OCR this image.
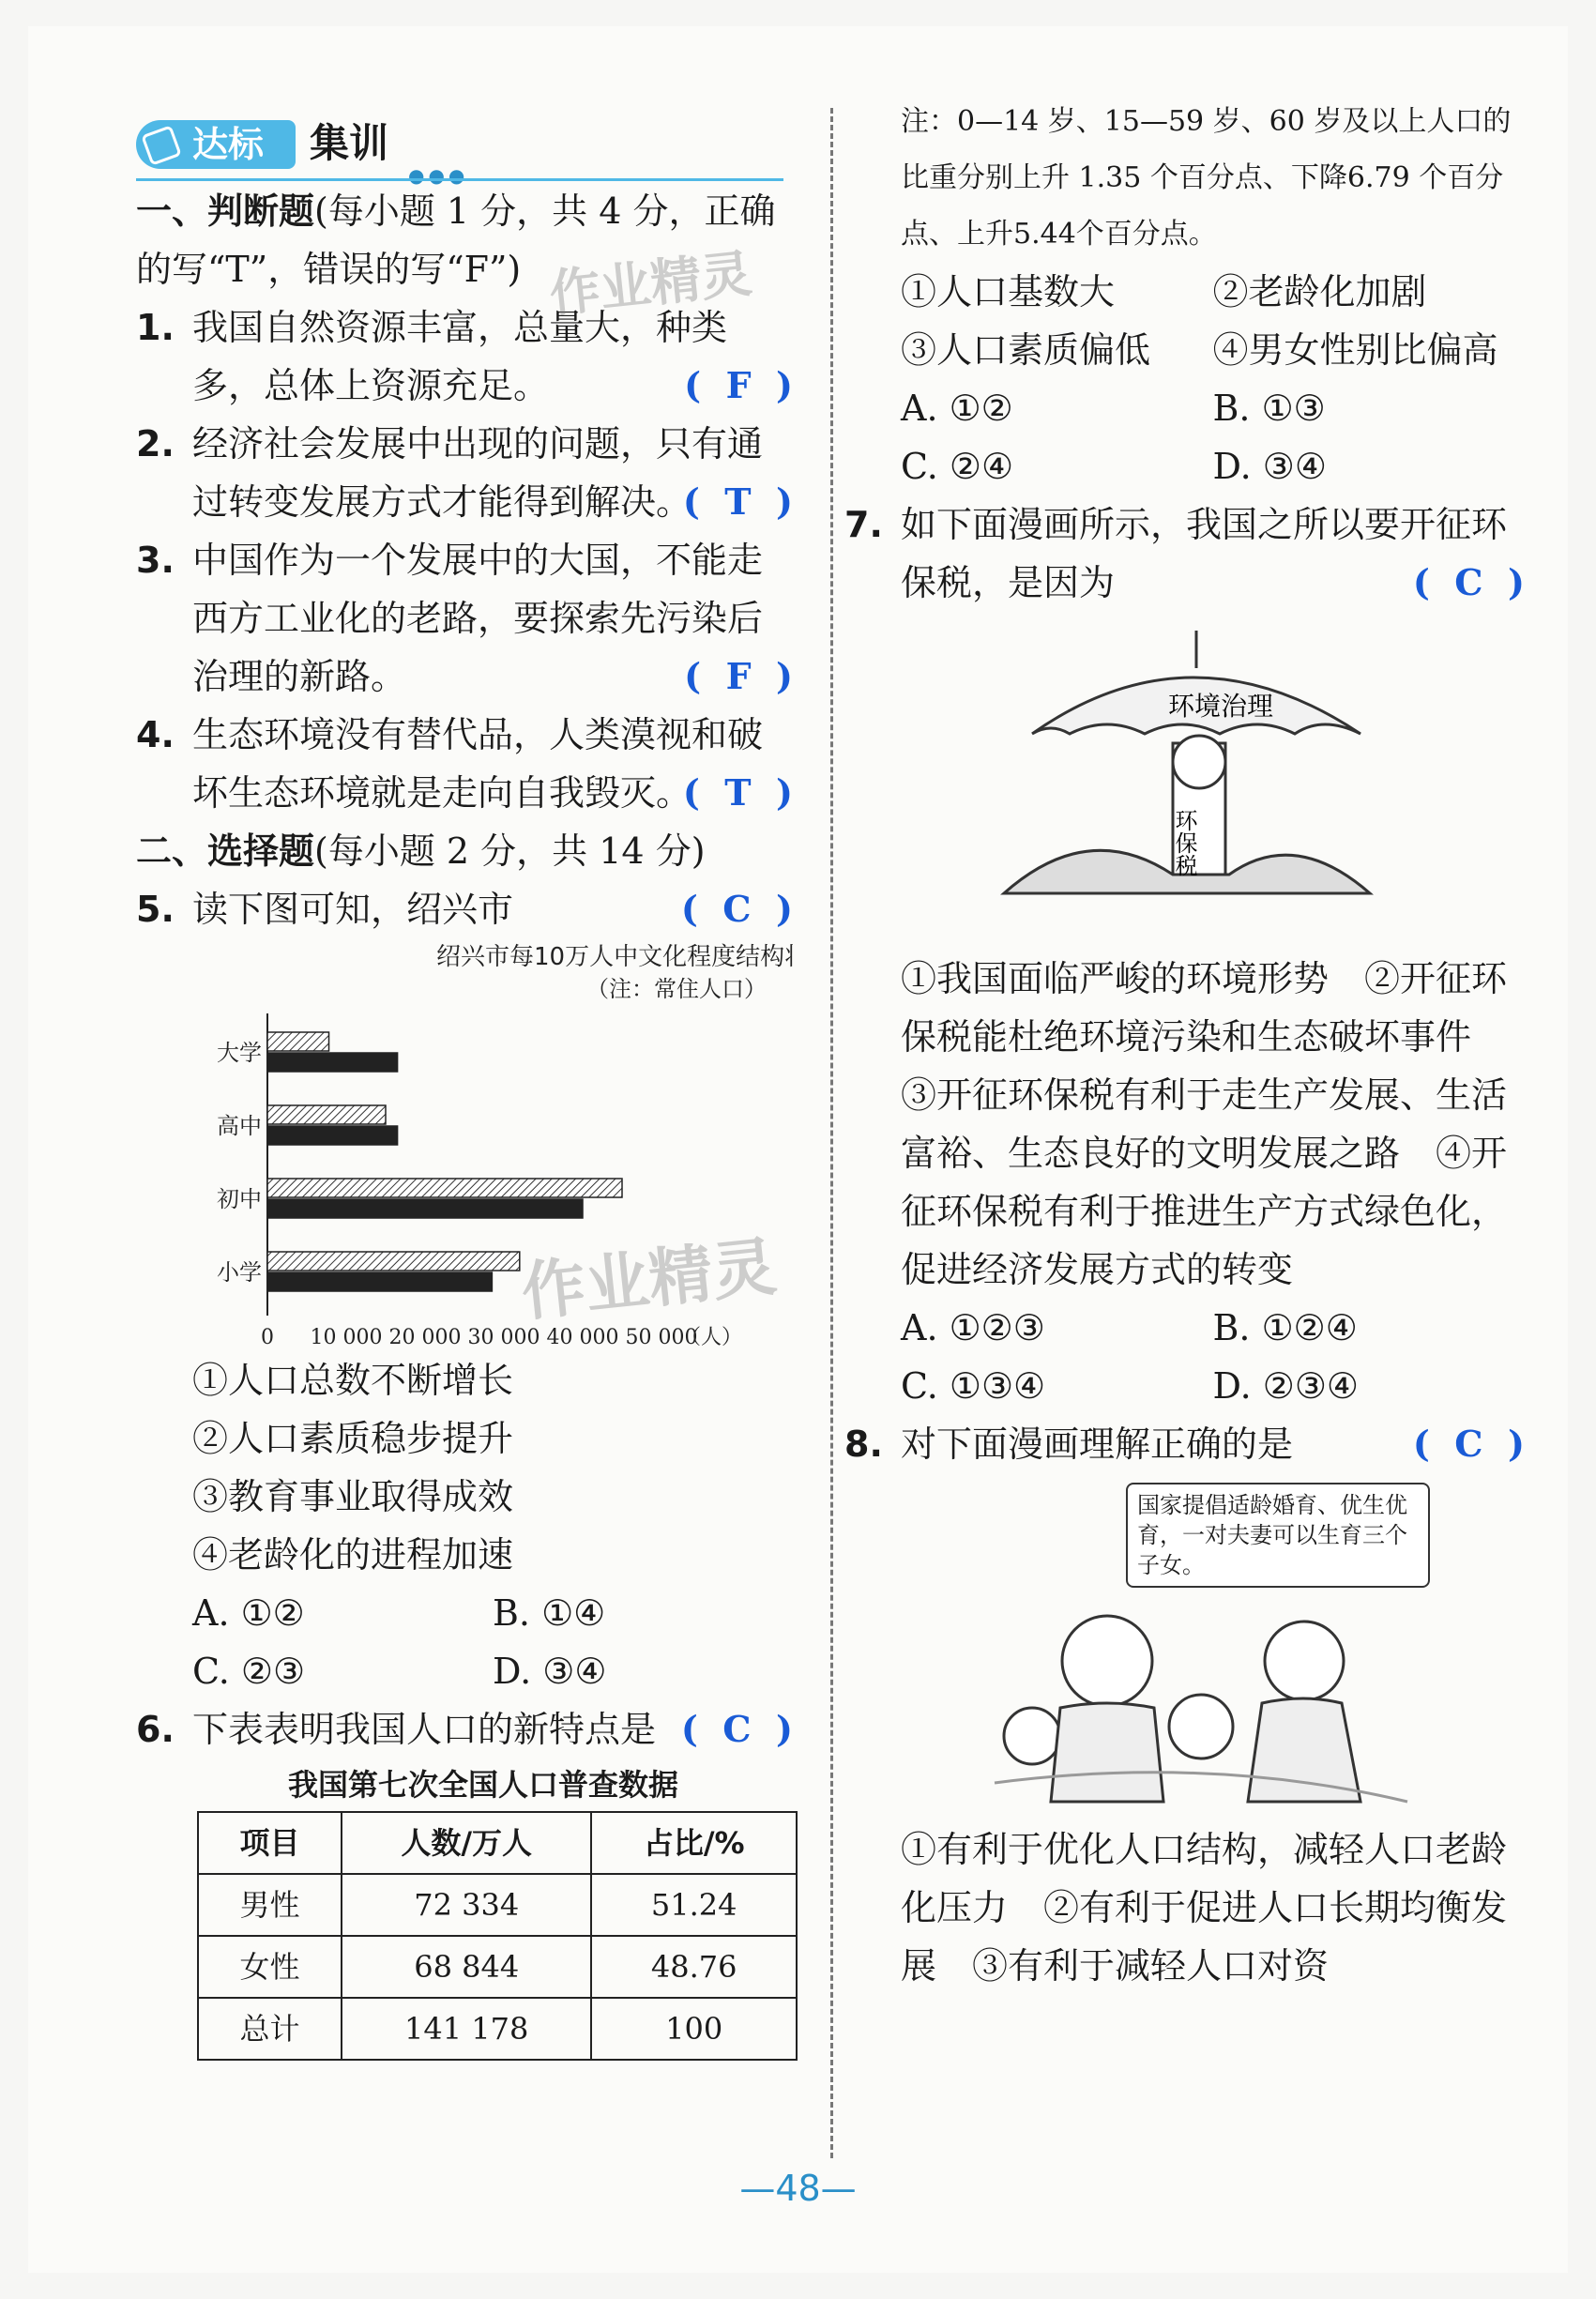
达标 集训
●●●
一、判断题(每小题 1 分，共 4 分，正确的写“T”，错误的写“F”)
1. 我国自然资源丰富，总量大，种类多，总体上资源充足。	(  F  )
2. 经济社会发展中出现的问题，只有通过转变发展方式才能得到解决。
(  T  )
3. 中国作为一个发展中的大国，不能走西方工业化的老路，要探索先污染后治理的新路。	(  F  )
4. 生态环境没有替代品，人类漠视和破坏生态环境就是走向自我毁灭。
(  T  )
二、选择题(每小题 2 分，共 14 分)
5. 读下图可知，绍兴市	(  C  )
绍兴市每10万人中文化程度结构
（注：常住人口）
大学
高中
初中
小学
0 10 000 20 000 30 000 40 000 50 000
（人）
①人口总数不断增长
②人口素质稳步提升
③教育事业取得成效
④老龄化的进程加速
A. ①②	B. ①④
C. ②③	D. ③④
6. 下表表明我国人口的新特点是 (  C  )
我国第七次全国人口普查数据
项目	人数/万人	占比/%
男性	72 334	51.24
女性	68 844	48.76
总计	141 178	100
注：0—14 岁、15—59 岁、60 岁及以上人口的比重分别上升 1.35 个百分点、下降6.79 个百分点、上升5.44个百分点。
①人口基数大	②老龄化加剧
③人口素质偏低	④男女性别比偏高
A. ①②	B. ①③
C. ②④	D. ③④
7. 如下面漫画所示，我国之所以要开征环保税，是因为	(  C  )
环境治理
环保税
①我国面临严峻的环境形势　②开征环保税能杜绝环境污染和生态破坏事件　③开征环保税有利于走生产发展、生活富裕、生态良好的文明发展之路　④开征环保税有利于推进生产方式绿色化，促进经济发展方式的转变
A. ①②③	B. ①②④
C. ①③④	D. ②③④
8. 对下面漫画理解正确的是	(  C  )
国家提倡适龄婚育、优生优育，一对夫妻可以生育三个子女。
①有利于优化人口结构，减轻人口老龄化压力　②有利于促进人口长期均衡发展　③有利于减轻人口对资
—48—
作业精灵
作业精灵
